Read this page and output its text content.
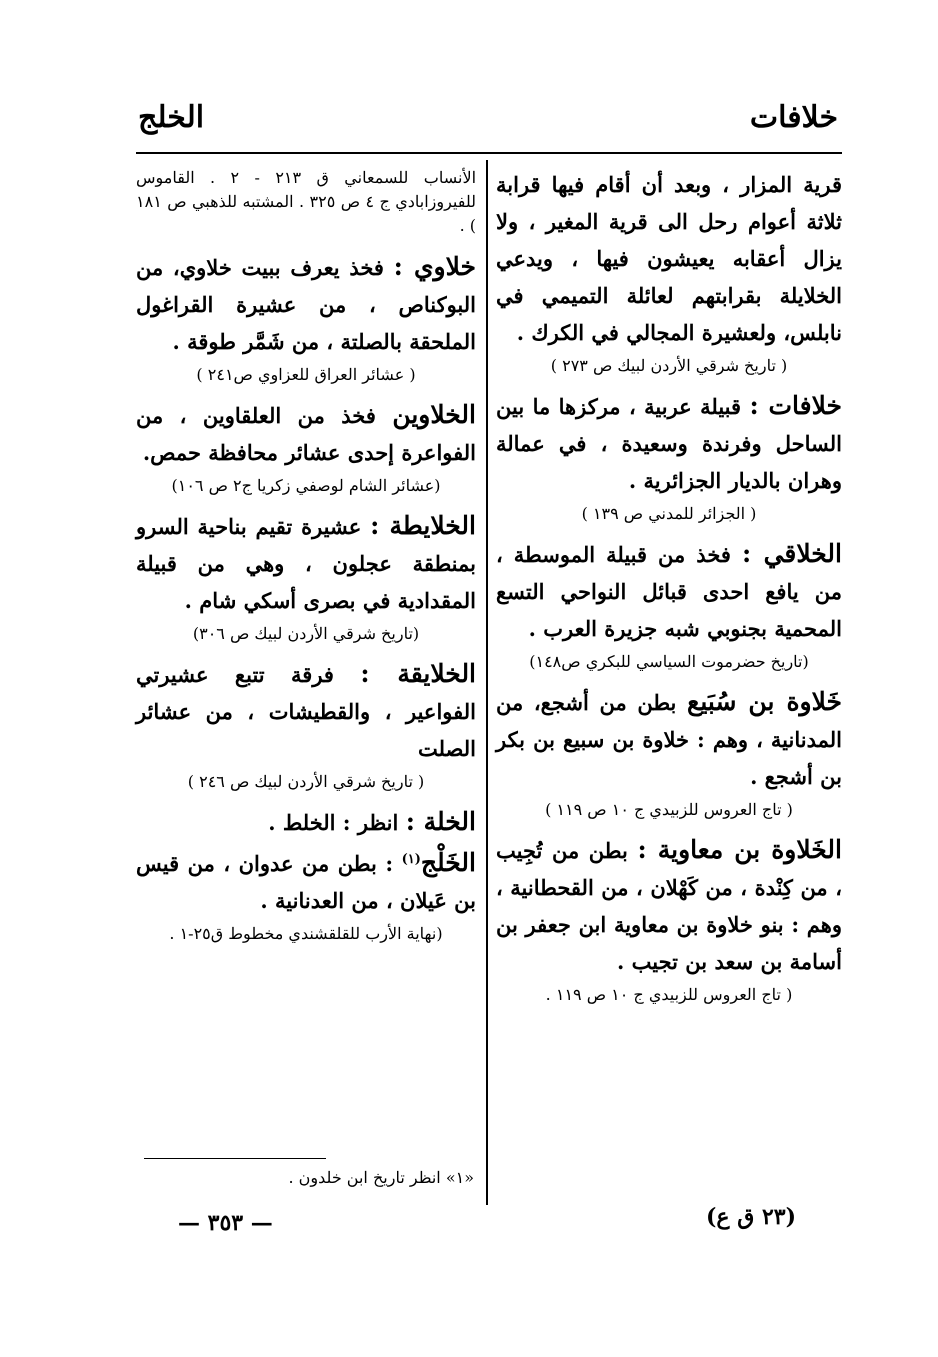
خلافات
الخلج

قرية المزار ، وبعد أن أقام فيها قرابة ثلاثة أعوام رحل الى قرية المغير ، ولا يزال أعقابه يعيشون فيها ، ويدعي الخلايلة بقرابتهم لعائلة التميمي في نابلس، ولعشيرة المجالي في الكرك .

( تاريخ شرقي الأردن لبيك ص ٢٧٣ )

خلافات : قبيلة عربية ، مركزها ما بين الساحل وفرندة وسعيدة ، في عمالة وهران بالديار الجزائرية .

( الجزائر للمدني ص ١٣٩ )

الخلاقي : فخذ من قبيلة الموسطة ، من يافع احدى قبائل النواحي التسع المحمية بجنوبي شبه جزيرة العرب .

(تاريخ حضرموت السياسي للبكري ص١٤٨)

خَلاوة بن سُبَيع بطن من أشجع، من المدنانية ، وهم : خلاوة بن سبيع بن بكر بن أشجع .

( تاج العروس للزبيدي ج ١٠ ص ١١٩ )

الخَلاوة بن معاوية : بطن من تُجِيب ، من كِنْدة ، من كَهْلان ، من القحطانية ، وهم : بنو خلاوة بن معاوية ابن جعفر بن أسامة بن سعد بن تجيب .

( تاج العروس للزبيدي ج ١٠ ص ١١٩ .

الأنساب للسمعاني ق ٢١٣ - ٢ . القاموس للفيروزابادي ج ٤ ص ٣٢٥ . المشتبه للذهبي ص ١٨١ ) .

خلاوي : فخذ يعرف ببيت خلاوي، من البوكناص ، من عشيرة القراغول الملحقة بالصلتة ، من شَمَّر طوقة .

( عشائر العراق للعزاوي ص٢٤١ )

الخلاوين فخذ من العلقاوين ، من الفواعرة إحدى عشائر محافظة حمص.

(عشائر الشام لوصفي زكريا ج٢ ص ١٠٦)

الخلايطة : عشيرة تقيم بناحية السرو بمنطقة عجلون ، وهي من قبيلة المقدادية في بصرى أسكي شام .

(تاريخ شرقي الأردن لبيك ص ٣٠٦)

الخلايقة : فرقة تتبع عشيرتي الفواعير ، والقطيشات ، من عشائر الصلت

( تاريخ شرقي الأردن لبيك ص ٢٤٦ )

الخلة : انظر : الخلط .

الخَلْج$^{(١)}$ : بطن من عدوان ، من قيس بن عَيلان ، من العدنانية .

(نهاية الأرب للقلقشندي مخطوط ق٢٥-١ .

«١» انظر تاريخ ابن خلدون .
— ٣٥٣ —	(٢٣ ق ع)
